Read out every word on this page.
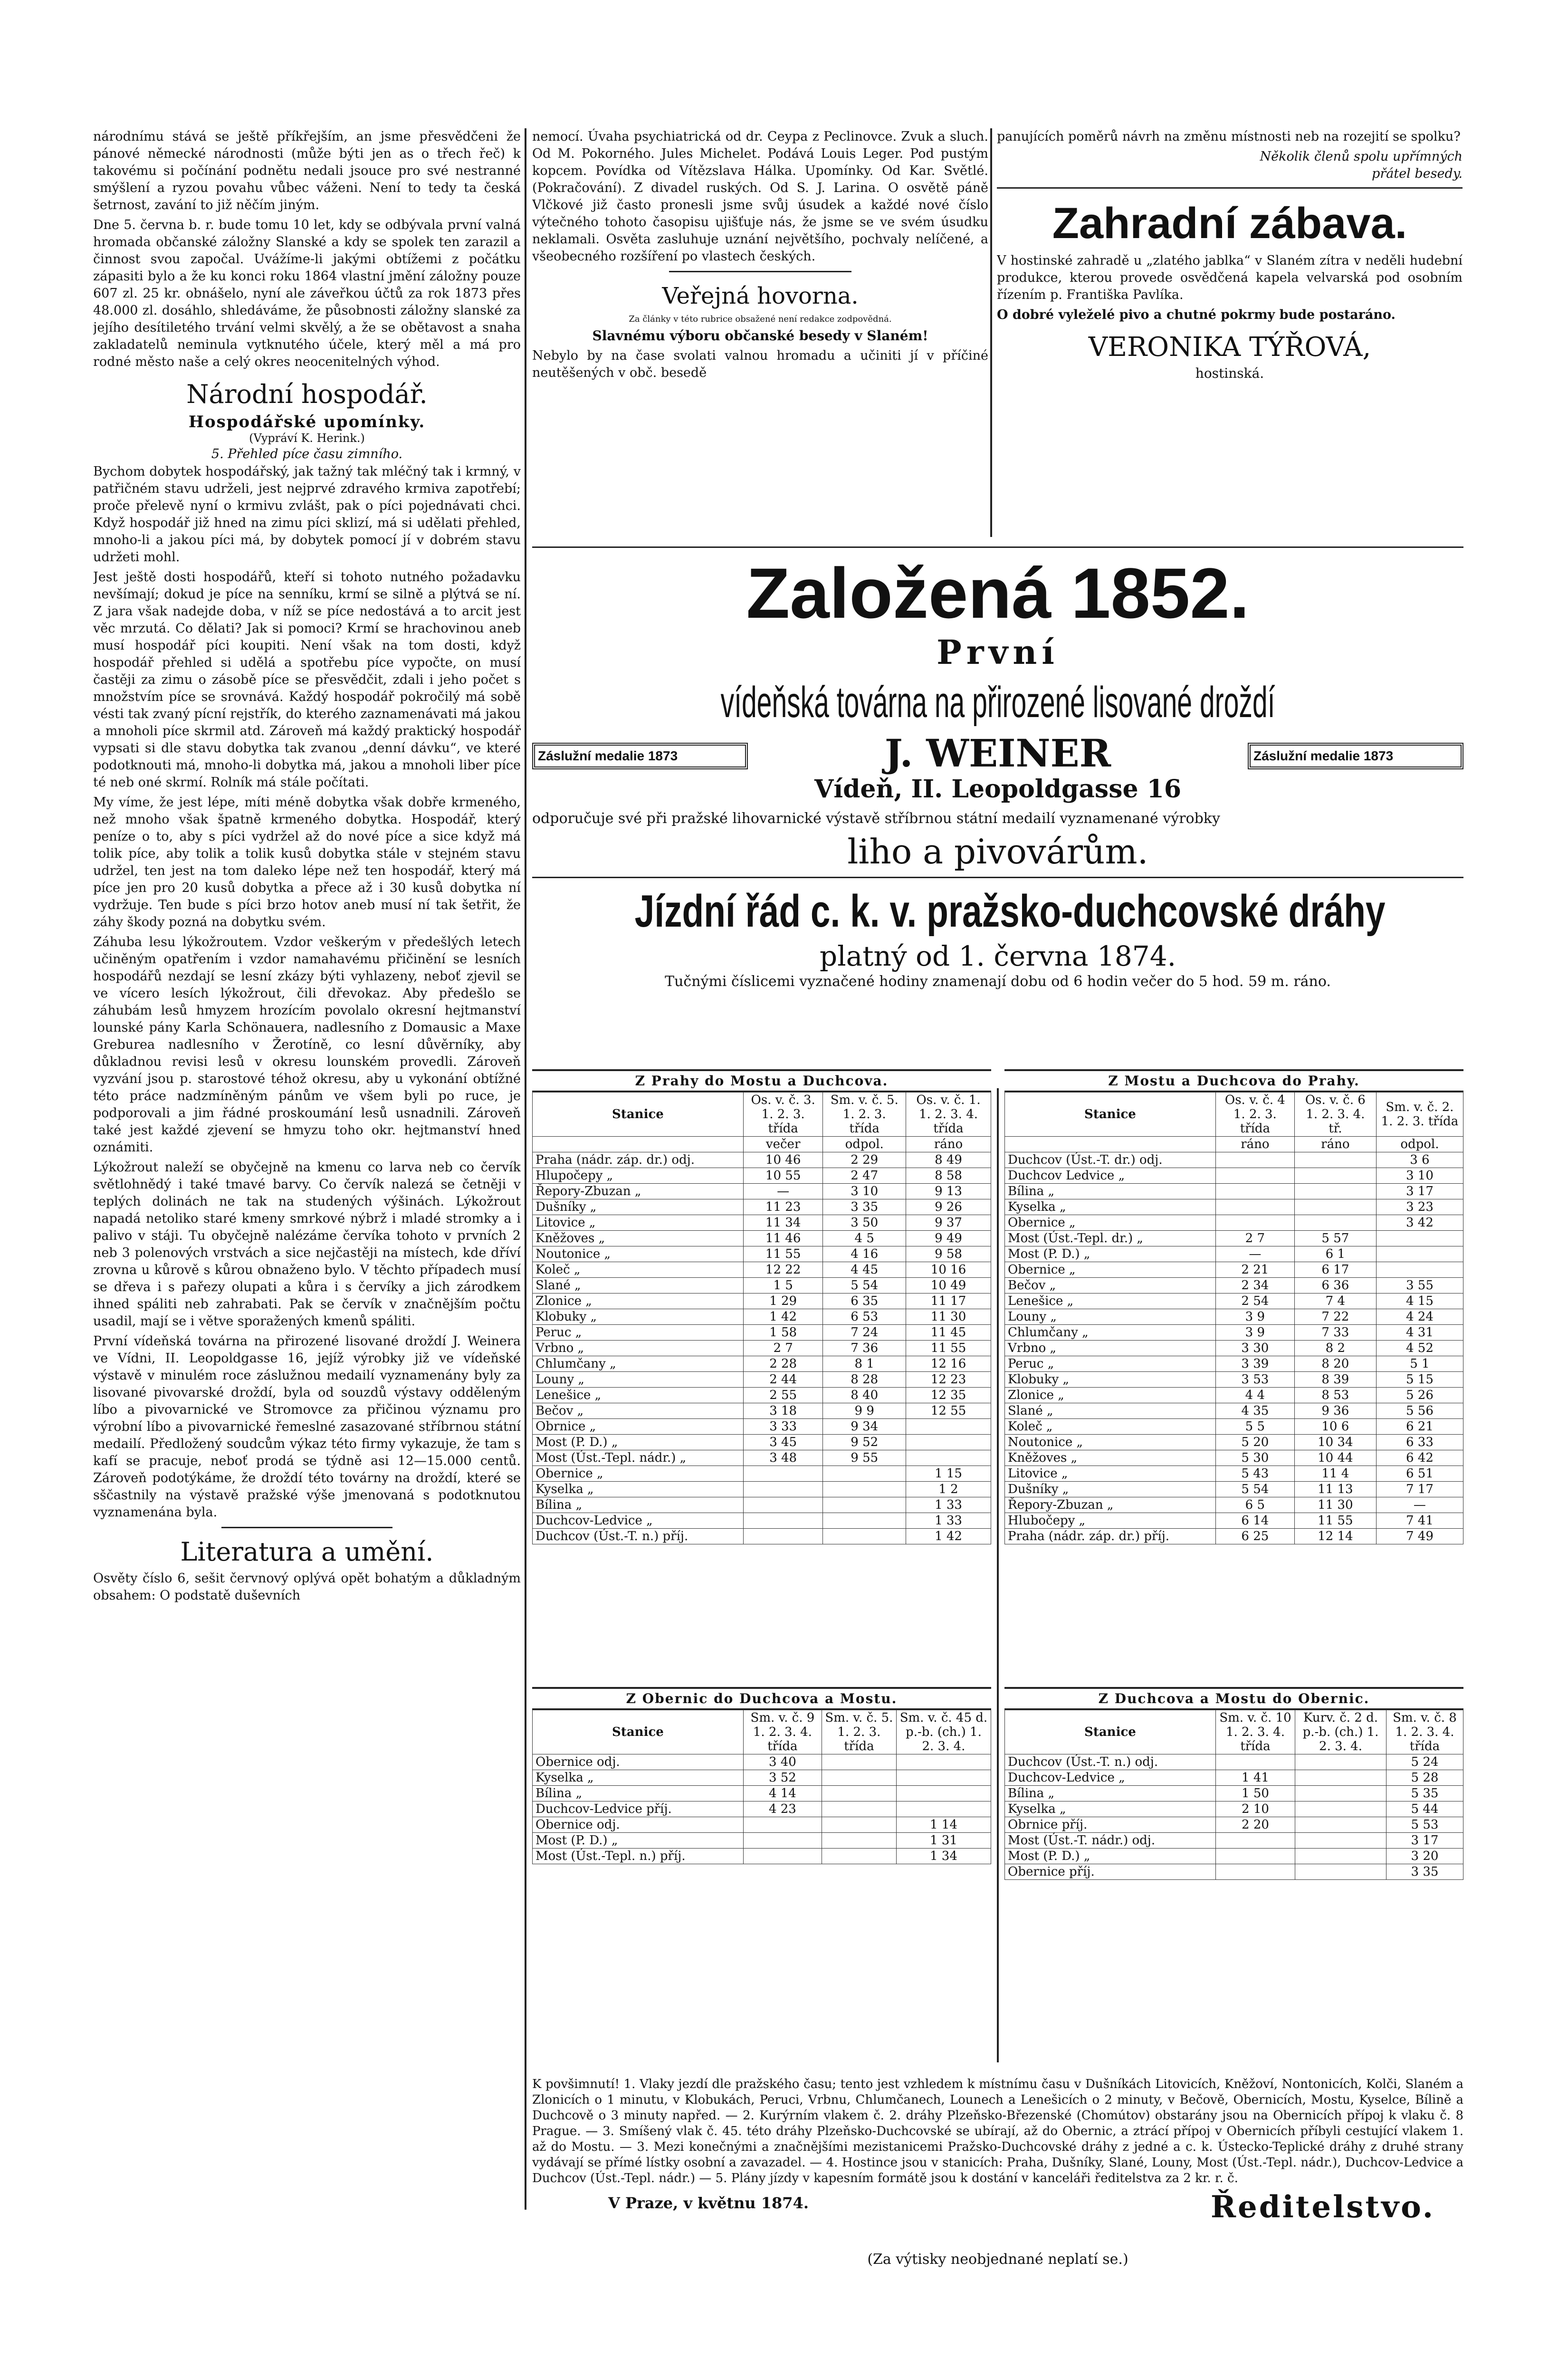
národnímu stává se ještě příkřejším, an jsme přesvědčeni že pánové německé národnosti (může býti jen as o třech řeč) k takovému si počínání podnětu nedali jsouce pro své nestranné smýšlení a ryzou povahu vůbec váženi. Není to tedy ta česká šetrnost, zavání to již něčím jiným.

Dne 5. června b. r. bude tomu 10 let, kdy se odbývala první valná hromada občanské záložny Slanské a kdy se spolek ten zarazil a činnost svou započal. Uvážíme-li jakými obtížemi z počátku zápasiti bylo a že ku konci roku 1864 vlastní jmění záložny pouze 607 zl. 25 kr. obnášelo, nyní ale záveřkou účtů za rok 1873 přes 48.000 zl. dosáhlo, shledáváme, že působnosti záložny slanské za jejího desítiletého trvání velmi skvělý, a že se obětavost a snaha zakladatelů neminula vytknutého účele, který měl a má pro rodné město naše a celý okres neocenitelných výhod.

Národní hospodář.
Hospodářské upomínky.
(Vypráví K. Herink.)
5. Přehled píce času zimního.

Bychom dobytek hospodářský, jak tažný tak mléčný tak i krmný, v patřičném stavu udrželi, jest nejprvé zdravého krmiva zapotřebí; proče přelevě nyní o krmivu zvlášt, pak o píci pojednávati chci. Když hospodář již hned na zimu píci sklizí, má si udělati přehled, mnoho-li a jakou píci má, by dobytek pomocí jí v dobrém stavu udržeti mohl.

Jest ještě dosti hospodářů, kteří si tohoto nutného požadavku nevšímají; dokud je píce na senníku, krmí se silně a plýtvá se ní. Z jara však nadejde doba, v níž se píce nedostává a to arcit jest věc mrzutá. Co dělati? Jak si pomoci? Krmí se hrachovinou aneb musí hospodář píci koupiti. Není však na tom dosti, když hospodář přehled si udělá a spotřebu píce vypočte, on musí častěji za zimu o zásobě píce se přesvědčit, zdali i jeho počet s množstvím píce se srovnává. Každý hospodář pokročilý má sobě vésti tak zvaný pícní rejstřík, do kterého zaznamenávati má jakou a mnoholi píce skrmil atd. Zároveň má každý praktický hospodář vypsati si dle stavu dobytka tak zvanou „denní dávku“, ve které podotknouti má, mnoho-li dobytka má, jakou a mnoholi liber píce té neb oné skrmí. Rolník má stále počítati.

My víme, že jest lépe, míti méně dobytka však dobře krmeného, než mnoho však špatně krmeného dobytka. Hospodář, který peníze o to, aby s píci vydržel až do nové píce a sice když má tolik píce, aby tolik a tolik kusů dobytka stále v stejném stavu udržel, ten jest na tom daleko lépe než ten hospodář, který má píce jen pro 20 kusů dobytka a přece až i 30 kusů dobytka ní vydržuje. Ten bude s píci brzo hotov aneb musí ní tak šetřit, že záhy škody pozná na dobytku svém.

Záhuba lesu lýkožroutem. Vzdor veškerým v předešlých letech učiněným opatřením i vzdor namahavému přičinění se lesních hospodářů nezdají se lesní zkázy býti vyhlazeny, neboť zjevil se ve vícero lesích lýkožrout, čili dřevokaz. Aby předešlo se záhubám lesů hmyzem hrozícím povolalo okresní hejtmanství lounské pány Karla Schönauera, nadlesního z Domausic a Maxe Greburea nadlesního v Žerotíně, co lesní důvěrníky, aby důkladnou revisi lesů v okresu lounském provedli. Zároveň vyzvání jsou p. starostové téhož okresu, aby u vykonání obtížné této práce nadzmíněným pánům ve všem byli po ruce, je podporovali a jim řádné proskoumání lesů usnadnili. Zároveň také jest každé zjevení se hmyzu toho okr. hejtmanství hned oznámiti.

Lýkožrout naleží se obyčejně na kmenu co larva neb co červík světlohnědý i také tmavé barvy. Co červík nalezá se četněji v teplých dolinách ne tak na studených výšinách. Lýkožrout napadá netoliko staré kmeny smrkové nýbrž i mladé stromky a i palivo v stáji. Tu obyčejně nalézáme červíka tohoto v prvních 2 neb 3 polenových vrstvách a sice nejčastěji na místech, kde dříví zrovna u kůrově s kůrou obnaženo bylo. V těchto případech musí se dřeva i s pařezy olupati a kůra i s červíky a jich zárodkem ihned spáliti neb zahrabati. Pak se červík v značnějším počtu usadil, mají se i větve sporažených kmenů spáliti.

První vídeňská továrna na přirozené lisované droždí J. Weinera ve Vídni, II. Leopoldgasse 16, jejíž výrobky již ve vídeňské výstavě v minulém roce záslužnou medailí vyznamenány byly za lisované pivovarské droždí, byla od souzdů výstavy odděleným líbo a pivovarnické ve Stromovce za přičinou významu pro výrobní líbo a pivovarnické řemeslné zasazované stříbrnou státní medailí. Předložený soudcům výkaz této firmy vykazuje, že tam s kafí se pracuje, neboť prodá se týdně asi 12—15.000 centů. Zároveň podotýkáme, že droždí této továrny na droždí, které se sščastnily na výstavě pražské výše jmenovaná s podotknutou vyznamenána byla.

Literatura a umění.

Osvěty číslo 6, sešit červnový oplývá opět bohatým a důkladným obsahem: O podstatě duševních

nemocí. Úvaha psychiatrická od dr. Ceypa z Peclinovce. Zvuk a sluch. Od M. Pokorného. Jules Michelet. Podává Louis Leger. Pod pustým kopcem. Povídka od Vítězslava Hálka. Upomínky. Od Kar. Světlé. (Pokračování). Z divadel ruských. Od S. J. Larina. O osvětě páně Vlčkové již často pronesli jsme svůj úsudek a každé nové číslo výtečného tohoto časopisu ujišťuje nás, že jsme se ve svém úsudku neklamali. Osvěta zasluhuje uznání největšího, pochvaly nelíčené, a všeobecného rozšíření po vlastech českých.

Veřejná hovorna.
Za články v této rubrice obsažené není redakce zodpovědná.
Slavnému výboru občanské besedy v Slaném!

Nebylo by na čase svolati valnou hromadu a učiniti jí v příčiné neutěšených v obč. besedě

panujících poměrů návrh na změnu místnosti neb na rozejití se spolku?

Několik členů spolu upřímných

přátel besedy.

Zahradní zábava.

V hostinské zahradě u „zlatého jablka“ v Slaném zítra v neděli hudební produkce, kterou provede osvědčená kapela velvarská pod osobním řízením p. Františka Pavlíka.

O dobré vyleželé pivo a chutné pokrmy bude postaráno.

VERONIKA TÝŘOVÁ,
hostinská.
Založená 1852.
První
vídeňská továrna na přirozené lisované droždí
Záslužní medalie 1873	J. WEINER
Vídeň, II. Leopoldgasse 16
Záslužní medalie 1873

odporučuje své při pražské lihovarnické výstavě stříbrnou státní medailí vyznamenané výrobky

liho a pivovárům.
Jízdní řád c. k. v. pražsko-duchcovské dráhy
platný od 1. června 1874.
Tučnými číslicemi vyznačené hodiny znamenají dobu od 6 hodin večer do 5 hod. 59 m. ráno.
Z Prahy do Mostu a Duchcova.
Stanice	Os. v. č. 3. 1. 2. 3. třída	Sm. v. č. 5. 1. 2. 3. třída	Os. v. č. 1. 1. 2. 3. 4. třída
	večer	odpol.	ráno
Praha (nádr. záp. dr.) odj.	10 46	2 29	8 49
Hlupočepy „	10 55	2 47	8 58
Řepory-Zbuzan „	—	3 10	9 13
Dušníky „	11 23	3 35	9 26
Litovice „	11 34	3 50	9 37
Kněžoves „	11 46	4 5	9 49
Noutonice „	11 55	4 16	9 58
Koleč „	12 22	4 45	10 16
Slané „	1 5	5 54	10 49
Zlonice „	1 29	6 35	11 17
Klobuky „	1 42	6 53	11 30
Peruc „	1 58	7 24	11 45
Vrbno „	2 7	7 36	11 55
Chlumčany „	2 28	8 1	12 16
Louny „	2 44	8 28	12 23
Lenešice „	2 55	8 40	12 35
Bečov „	3 18	9 9	12 55
Obrnice „	3 33	9 34	
Most (P. D.) „	3 45	9 52	
Most (Úst.-Tepl. nádr.) „	3 48	9 55	
Obernice „			1 15
Kyselka „			1 2
Bílina „			1 33
Duchcov-Ledvice „			1 33
Duchcov (Úst.-T. n.) příj.			1 42
Z Mostu a Duchcova do Prahy.
Stanice	Os. v. č. 4 1. 2. 3. třída	Os. v. č. 6 1. 2. 3. 4. tř.	Sm. v. č. 2. 1. 2. 3. třída
	ráno	ráno	odpol.
Duchcov (Úst.-T. dr.) odj.			3 6
Duchcov Ledvice „			3 10
Bílina „			3 17
Kyselka „			3 23
Obernice „			3 42
Most (Úst.-Tepl. dr.) „	2 7	5 57	
Most (P. D.) „	—	6 1	
Obernice „	2 21	6 17	
Bečov „	2 34	6 36	3 55
Lenešice „	2 54	7 4	4 15
Louny „	3 9	7 22	4 24
Chlumčany „	3 9	7 33	4 31
Vrbno „	3 30	8 2	4 52
Peruc „	3 39	8 20	5 1
Klobuky „	3 53	8 39	5 15
Zlonice „	4 4	8 53	5 26
Slané „	4 35	9 36	5 56
Koleč „	5 5	10 6	6 21
Noutonice „	5 20	10 34	6 33
Kněžoves „	5 30	10 44	6 42
Litovice „	5 43	11 4	6 51
Dušníky „	5 54	11 13	7 17
Řepory-Zbuzan „	6 5	11 30	—
Hlubočepy „	6 14	11 55	7 41
Praha (nádr. záp. dr.) příj.	6 25	12 14	7 49
Z Obernic do Duchcova a Mostu.
Stanice	Sm. v. č. 9 1. 2. 3. 4. třída	Sm. v. č. 5. 1. 2. 3. třída	Sm. v. č. 45 d. p.-b. (ch.) 1. 2. 3. 4.
Obernice odj.	3 40		
Kyselka „	3 52		
Bílina „	4 14		
Duchcov-Ledvice příj.	4 23		
Obernice odj.			1 14
Most (P. D.) „			1 31
Most (Úst.-Tepl. n.) příj.			1 34
Z Duchcova a Mostu do Obernic.
Stanice	Sm. v. č. 10 1. 2. 3. 4. třída	Kurv. č. 2 d. p.-b. (ch.) 1. 2. 3. 4.	Sm. v. č. 8 1. 2. 3. 4. třída
Duchcov (Úst.-T. n.) odj.			5 24
Duchcov-Ledvice „	1 41		5 28
Bílina „	1 50		5 35
Kyselka „	2 10		5 44
Obrnice příj.	2 20		5 53
Most (Úst.-T. nádr.) odj.			3 17
Most (P. D.) „			3 20
Obernice příj.			3 35

K povšimnutí! 1. Vlaky jezdí dle pražského času; tento jest vzhledem k místnímu času v Dušníkách Litovicích, Kněžoví, Nontonicích, Kolči, Slaném a Zlonicích o 1 minutu, v Klobukách, Peruci, Vrbnu, Chlumčanech, Lounech a Lenešicích o 2 minuty, v Bečově, Obernicích, Mostu, Kyselce, Bílině a Duchcově o 3 minuty napřed. — 2. Kurýrním vlakem č. 2. dráhy Plzeňsko-Březenské (Chomútov) obstarány jsou na Obernicích přípoj k vlaku č. 8 Prague. — 3. Smíšený vlak č. 45. této dráhy Plzeňsko-Duchcovské se ubírají, až do Obernic, a ztrácí přípoj v Obernicích příbyli cestující vlakem 1. až do Mostu. — 3. Mezi konečnými a značnějšími mezistanicemi Pražsko-Duchcovské dráhy z jedné a c. k. Ústecko-Teplické dráhy z druhé strany vydávají se přímé lístky osobní a zavazadel. — 4. Hostince jsou v stanicích: Praha, Dušníky, Slané, Louny, Most (Úst.-Tepl. nádr.), Duchcov-Ledvice a Duchcov (Úst.-Tepl. nádr.) — 5. Plány jízdy v kapesním formátě jsou k dostání v kanceláři ředitelstva za 2 kr. r. č.

V Praze, v květnu 1874.	Ředitelstvo.
(Za výtisky neobjednané neplatí se.)
